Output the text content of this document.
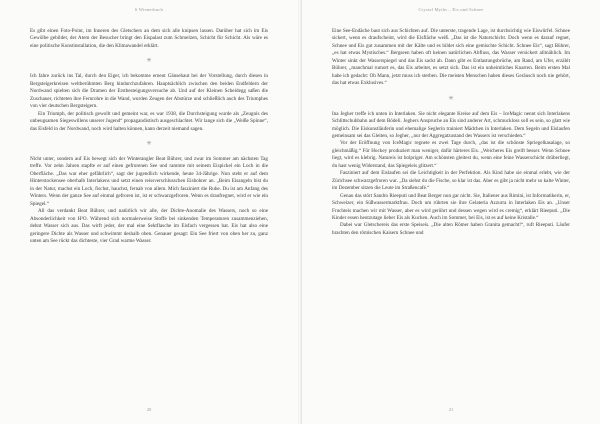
6 Wienerbuch

Es gibt einen Foto-Point, im Inneren des Gletschers an dem sich alle knipsen lassen. Darüber hat sich im Eis Gewölbe gebildet, der Atem der Besucher bringt den Eispalast zum Schmelzen, Schicht für Schicht. Als wäre es eine politische Kunstinstallation, die den Klimawandel erklärt.

✳

Ich fahre zurück ins Tal, durch den Eiger, ich bekomme erneut Gänsehaut bei der Vorstellung, durch diesen in Bergsteigerkreisen weltberühmten Berg hindurchzufahren. Hauptsächlich zwischen den beiden Endfeldern der Nordwand spielten sich die Dramen der Erstbesteigungsversuche ab. Und auf der Kleinen Scheidegg saßen die Zuschauer, richteten ihre Fernrohre in die Wand, wurden Zeugen der Abstürze und schließlich auch des Triumphes von vier deutschen Bergsteigern.

Ein Triumph, der politisch gewollt und gemeint war, es war 1938, die Durchsteigung wurde als „Zeugnis des unbeugsamen Siegeswillens unserer Jugend“ propagandistisch ausgeschlachtet. Wir lange sich die „Weiße Spinne“, das Eisfeld in der Nordwand, noch wird halten können, kann derzeit niemand sagen.

✳

Nicht unter, sondern auf Eis bewegt sich der Winterangler Beat Bührer, und zwar im Sommer am nächsten Tag treffe. Vor zehn Jahren stapfte er auf einen gefrorenen See und rammte mit seinem Eispickel ein Loch in die Oberfläche. „Das war eher gefährlich“, sagt der jugendlich wirkende, heute 34-Jährige. Nun steht er auf dem Hinterstockensee oberhalb Interlakens und setzt einen reissverschlusschen Eisbohrer an. „Beim Eisangeln bist du in der Natur, machst ein Loch, fischst, hauchst, fernab von allem. Mich fasziniert die Ruhe. Du ist am Anfang des Winters. Wenn der ganze See auf einmal gefroren ist, ist er schwarzgefroren. Wenn es draufregnet, wird er wie ein Spiegel.“

All das verdankt Beat Bührer, und natürlich wir alle, der Dichte-Anomalie des Wassers, noch so eine Absonderlichkeit von H²O. Während sich normalerweise Stoffe bei sinkenden Temperaturen zusammenziehen, dehnt Wasser sich aus. Das wirft jeder, der mal eine Sektflasche im Eisfach vergessen hat. Eis hat also eine geringere Dichte als Wasser und schwimmt deshalb oben. Genauer gesagt: Ein See friert von oben her zu, ganz unten am See rückt das dichteste, vier Grad warme Wasser.

20
Crystal Myths – Eis und Schnee

Eine See-Endäche baut sich aus Schichten auf. Die unterste, tragende Lage, ist durchsichtig wie Eiswürfel. Schnee sickert, wenn es draufscheint, wird die Eisfläche weiß. „Das ist die Naturschicht. Doch wenn es darauf regnet, Schnee und Eis gut zusammen mit der Kälte und es bildet sich eine gemischte Schicht. Schnee Eis“, sagt Bührer, „es hat etwas Mystisches.“ Bergseen haben oft keinen natürlichen Abfluss, das Wasser versickert allmählich. Im Winter sinkt der Wasserspiegel und das Eis sackt ab. Dann gibt es Entlastungsbrüche, am Rand, am Ufer, erzählt Bührer, „manchmal rumort es, das Eis arbeitet, es setzt sich. Das ist ein unheimliches Knarren. Beim ersten Mal habe ich gedacht: Oh Mann, jetzt muss ich sterben. Die meisten Menschen haben dieses Geräusch noch nie gehört, das hat etwas Exklusives.“

✳

Ina Jegher treffe ich unten in Interlaken. Sie nicht elegante Kreise auf dem Eis – IceMagic nennt sich Interlakens Schlittschuhbahn auf dem Bödeli. Jeghers Anspruche an Eis sind anderer Art, schmuckloss soll es sein, so glatt wie möglich. Die Eiskunstläuferin und ehemalige Seglerin trainiert Mädchen in Interlaken. Dem Segeln und Eislaufen gemeinsam sei das Gleiten, so Jegher, „nur der Aggregatzustand des Wassers ist verschieden.“

Vor der Eröffnung von IceMagic regnete es zwei Tage durch, „das ist die schönste Spriegelkasalage, so gleichmäßig.“ Für Hockey produziert man weniger, dafür härteres Eis. „Weicheres Eis greift besser. Wenn Schnee liegt, wird es klebrig. Natureis ist holpriger. Am schönsten gleitest du, wenn eine feine Wasserschicht drüberliegt, du hast wenig Widerstand, das Spiegeleis glitzert.“

Fasziniert auf dem Eislaufen sei die Leichtigkeit in der Perfektion. Als Kind habe sie einmal erlebt, wie der Zürichsee schwarzgefroren war. „Da siehst du die Fische, so klar ist das. Aber es gibt ja nicht mehr so kalte Winter, im Dezember sitzen die Leute im Straßencafé.“

Genau das stört Sandro Rieeputi und Beat Berger nun gar nicht. Sie, Italiener aus Rimini, ist Informatikerin, er, Schweizer, ein Süßwassermarktfrau. Doch um rührten sie ihre Gelateria Azzurra in Interlaken Eis an. „Unser Fruchteis machen wir mit Wasser, aber es wird gerührt und dessen wegen wird es cremig“, erklärt Rieeputi. „Die Kinder essen heutzutage lieber Eis als Kuchen. Auch im Sommer, bei Eis, ist es auf keine Kristalle.“

Dabei war Gletschereis das erste Speiseis. „Die alten Römer haben Granita gemacht!“, ruft Rieeputi. Läufer brachten den römischen Kaisern Schnee und

21
